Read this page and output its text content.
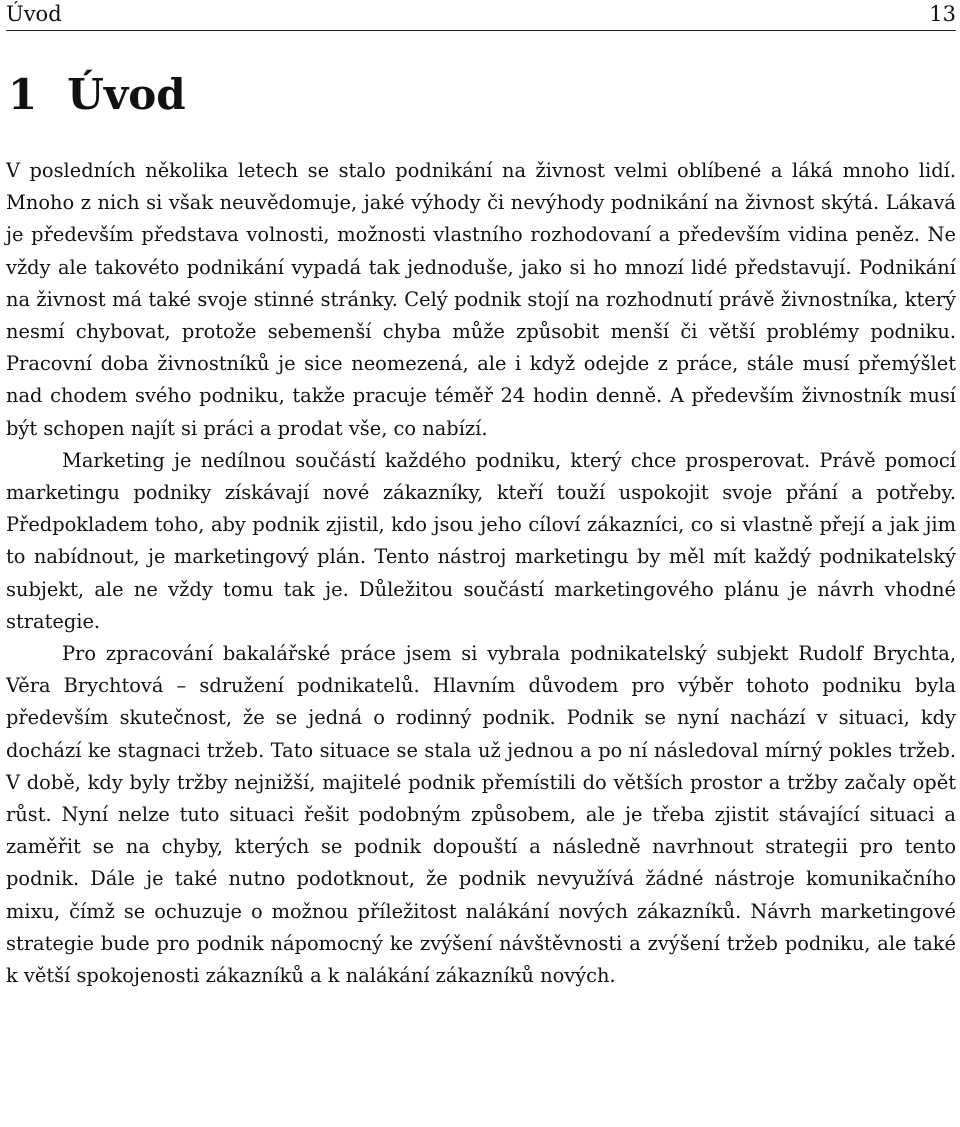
Úvod	13
1 Úvod

V posledních několika letech se stalo podnikání na živnost velmi oblíbené a láká mnoho lidí. Mnoho z nich si však neuvědomuje, jaké výhody či nevýhody podnikání na živnost skýtá. Lákavá je především představa volnosti, možnosti vlastního rozhodovaní a především vidina peněz. Ne vždy ale takovéto podnikání vypadá tak jednoduše, jako si ho mnozí lidé představují. Podnikání na živnost má také svoje stinné stránky. Celý podnik stojí na rozhodnutí právě živnostníka, který nesmí chybovat, protože sebemenší chyba může způsobit menší či větší problémy podniku. Pracovní doba živnostníků je sice neomezená, ale i když odejde z práce, stále musí přemýšlet nad chodem svého podniku, takže pracuje téměř 24 hodin denně. A především živnostník musí být schopen najít si práci a prodat vše, co nabízí.

Marketing je nedílnou součástí každého podniku, který chce prosperovat. Právě pomocí marketingu podniky získávají nové zákazníky, kteří touží uspokojit svoje přání a potřeby. Předpokladem toho, aby podnik zjistil, kdo jsou jeho cíloví zákazníci, co si vlastně přejí a jak jim to nabídnout, je marketingový plán. Tento nástroj marketingu by měl mít každý podnikatelský subjekt, ale ne vždy tomu tak je. Důležitou součástí marketingového plánu je návrh vhodné strategie.

Pro zpracování bakalářské práce jsem si vybrala podnikatelský subjekt Rudolf Brychta, Věra Brychtová – sdružení podnikatelů. Hlavním důvodem pro výběr tohoto podniku byla především skutečnost, že se jedná o rodinný podnik. Podnik se nyní nachází v situaci, kdy dochází ke stagnaci tržeb. Tato situace se stala už jednou a po ní následoval mírný pokles tržeb. V době, kdy byly tržby nejnižší, majitelé podnik přemístili do větších prostor a tržby začaly opět růst. Nyní nelze tuto situaci řešit podobným způsobem, ale je třeba zjistit stávající situaci a zaměřit se na chyby, kterých se podnik dopouští a následně navrhnout strategii pro tento podnik. Dále je také nutno podotknout, že podnik nevyužívá žádné nástroje komunikačního mixu, čímž se ochuzuje o možnou příležitost nalákání nových zákazníků. Návrh marketingové strategie bude pro podnik nápomocný ke zvýšení návštěvnosti a zvýšení tržeb podniku, ale také k větší spokojenosti zákazníků a k nalákání zákazníků nových.
